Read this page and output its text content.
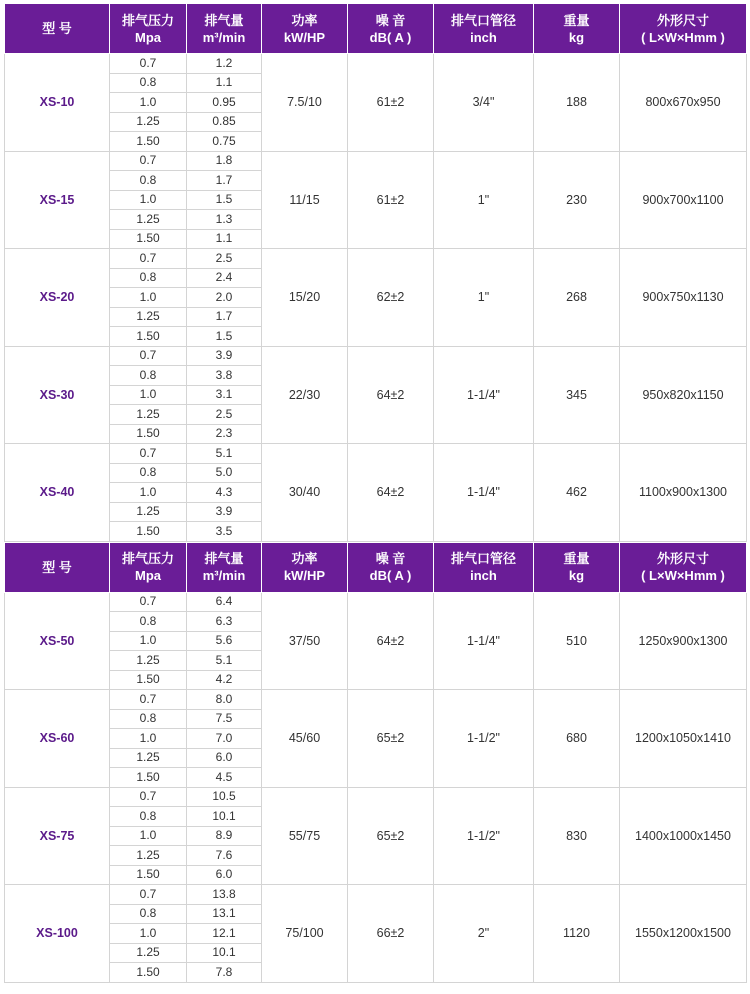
型 号	排气压力
Mpa	排气量
m³/min	功率
kW/HP	噪 音
dB( A )	排气口管径
inch	重量
kg	外形尺寸
( L×W×Hmm )

XS-10	0.7	1.2	7.5/10	61±2	3/4"	188	800x670x950
	0.8	1.1					
	1.0	0.95					
	1.25	0.85					
	1.50	0.75					
XS-15	0.7	1.8	11/15	61±2	1"	230	900x700x1100
	0.8	1.7					
	1.0	1.5					
	1.25	1.3					
	1.50	1.1					
XS-20	0.7	2.5	15/20	62±2	1"	268	900x750x1130
	0.8	2.4					
	1.0	2.0					
	1.25	1.7					
	1.50	1.5					
XS-30	0.7	3.9	22/30	64±2	1-1/4"	345	950x820x1150
	0.8	3.8					
	1.0	3.1					
	1.25	2.5					
	1.50	2.3					
XS-40	0.7	5.1	30/40	64±2	1-1/4"	462	1100x900x1300
	0.8	5.0					
	1.0	4.3					
	1.25	3.9					
	1.50	3.5					
型 号	排气压力
Mpa	排气量
m³/min	功率
kW/HP	噪 音
dB( A )	排气口管径
inch	重量
kg	外形尺寸
( L×W×Hmm )

XS-50	0.7	6.4	37/50	64±2	1-1/4"	510	1250x900x1300
	0.8	6.3					
	1.0	5.6					
	1.25	5.1					
	1.50	4.2					
XS-60	0.7	8.0	45/60	65±2	1-1/2"	680	1200x1050x1410
	0.8	7.5					
	1.0	7.0					
	1.25	6.0					
	1.50	4.5					
XS-75	0.7	10.5	55/75	65±2	1-1/2"	830	1400x1000x1450
	0.8	10.1					
	1.0	8.9					
	1.25	7.6					
	1.50	6.0					
XS-100	0.7	13.8	75/100	66±2	2"	1120	1550x1200x1500
	0.8	13.1					
	1.0	12.1					
	1.25	10.1					
	1.50	7.8					
